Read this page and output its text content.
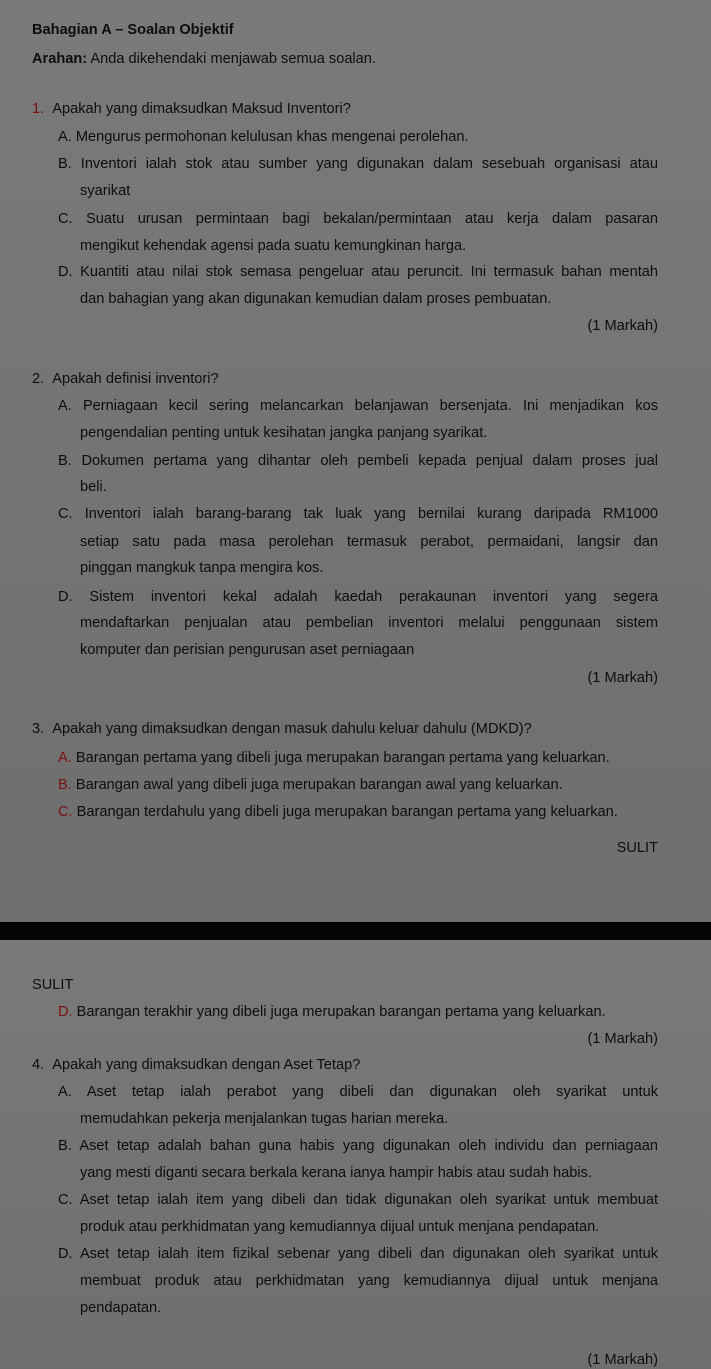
Bahagian A – Soalan Objektif
Arahan: Anda dikehendaki menjawab semua soalan.
1. Apakah yang dimaksudkan Maksud Inventori?
A. Mengurus permohonan kelulusan khas mengenai perolehan.
B. Inventori ialah stok atau sumber yang digunakan dalam sesebuah organisasi atau
syarikat
C. Suatu urusan permintaan bagi bekalan/permintaan atau kerja dalam pasaran
mengikut kehendak agensi pada suatu kemungkinan harga.
D. Kuantiti atau nilai stok semasa pengeluar atau peruncit. Ini termasuk bahan mentah
dan bahagian yang akan digunakan kemudian dalam proses pembuatan.
(1 Markah)
2. Apakah definisi inventori?
A. Perniagaan kecil sering melancarkan belanjawan bersenjata. Ini menjadikan kos
pengendalian penting untuk kesihatan jangka panjang syarikat.
B. Dokumen pertama yang dihantar oleh pembeli kepada penjual dalam proses jual
beli.
C. Inventori ialah barang-barang tak luak yang bernilai kurang daripada RM1000
setiap satu pada masa perolehan termasuk perabot, permaidani, langsir dan
pinggan mangkuk tanpa mengira kos.
D. Sistem inventori kekal adalah kaedah perakaunan inventori yang segera
mendaftarkan penjualan atau pembelian inventori melalui penggunaan sistem
komputer dan perisian pengurusan aset perniagaan
(1 Markah)
3. Apakah yang dimaksudkan dengan masuk dahulu keluar dahulu (MDKD)?
A. Barangan pertama yang dibeli juga merupakan barangan pertama yang keluarkan.
B. Barangan awal yang dibeli juga merupakan barangan awal yang keluarkan.
C. Barangan terdahulu yang dibeli juga merupakan barangan pertama yang keluarkan.
SULIT
SULIT
D. Barangan terakhir yang dibeli juga merupakan barangan pertama yang keluarkan.
(1 Markah)
4. Apakah yang dimaksudkan dengan Aset Tetap?
A. Aset tetap ialah perabot yang dibeli dan digunakan oleh syarikat untuk
memudahkan pekerja menjalankan tugas harian mereka.
B. Aset tetap adalah bahan guna habis yang digunakan oleh individu dan perniagaan
yang mesti diganti secara berkala kerana ianya hampir habis atau sudah habis.
C. Aset tetap ialah item yang dibeli dan tidak digunakan oleh syarikat untuk membuat
produk atau perkhidmatan yang kemudiannya dijual untuk menjana pendapatan.
D. Aset tetap ialah item fizikal sebenar yang dibeli dan digunakan oleh syarikat untuk
membuat produk atau perkhidmatan yang kemudiannya dijual untuk menjana
pendapatan.
(1 Markah)
